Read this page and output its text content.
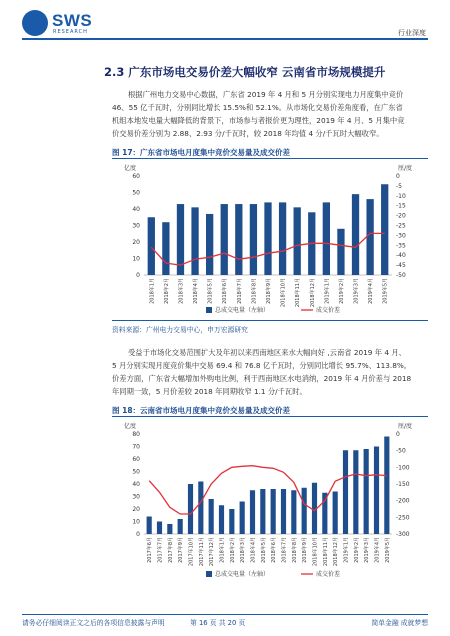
SWS
RESEARCH	行业深度
2.3 广东市场电交易价差大幅收窄 云南省市场规模提升
根据广州电力交易中心数据，广东省 2019 年 4 月和 5 月分别实现电力月度集中竞价
46、55 亿千瓦时，分别同比增长 15.5%和 52.1%。从市场化交易价差角度看，在广东省
机组本地发电量大幅降低的背景下，市场参与者报价更为理性，2019 年 4 月、5 月集中竞
价交易价差分别为 2.88、2.93 分/千瓦时，较 2018 年均值 4 分/千瓦时大幅收窄。
图 17：广东省市场电月度集中竞价交易量及成交价差
亿度	厘/度
0
10
20
30
40
50
60	0
-5
-10
-15
-20
-25
-30
-35
-40
-45
-50
2018年1月 2018年2月 2018年3月 2018年4月 2018年5月 2018年6月 2018年7月 2018年8月 2018年9月 2018年10月 2018年11月 2018年12月 2019年1月 2019年2月 2019年3月 2019年4月 2019年5月
总成交电量（左轴）	成交价差
资料来源：广州电力交易中心，申万宏源研究
受益于市场化交易范围扩大及年初以来西南地区来水大幅向好 ,云南省 2019 年 4 月、
5 月分别实现月度竞价集中交易 69.4 和 76.8 亿千瓦时，分别同比增长 95.7%、113.8%。
价差方面，广东省大幅增加外购电比例，利于西南地区水电消纳，2019 年 4 月价差与 2018
年同期一致，5 月价差较 2018 年同期收窄 1.1 分/千瓦时。
图 18：云南省市场电月度集中竞价交易量及成交价差
亿度	厘/度
0
10
20
30
40
50
60
70
80	0
-50
-100
-150
-200
-250
-300
2017年6月 2017年7月 2017年8月 2017年9月 2017年10月 2017年11月 2017年12月 2018年1月 2018年2月 2018年3月 2018年4月 2018年5月 2018年6月 2018年7月 2018年8月 2018年9月 2018年10月 2018年11月 2018年12月 2019年1月 2019年2月 2019年3月 2019年4月 2019年5月
总成交电量（左轴）	成交价差
请务必仔细阅读正文之后的各项信息披露与声明	第 16 页 共 20 页	简单金融 成就梦想
